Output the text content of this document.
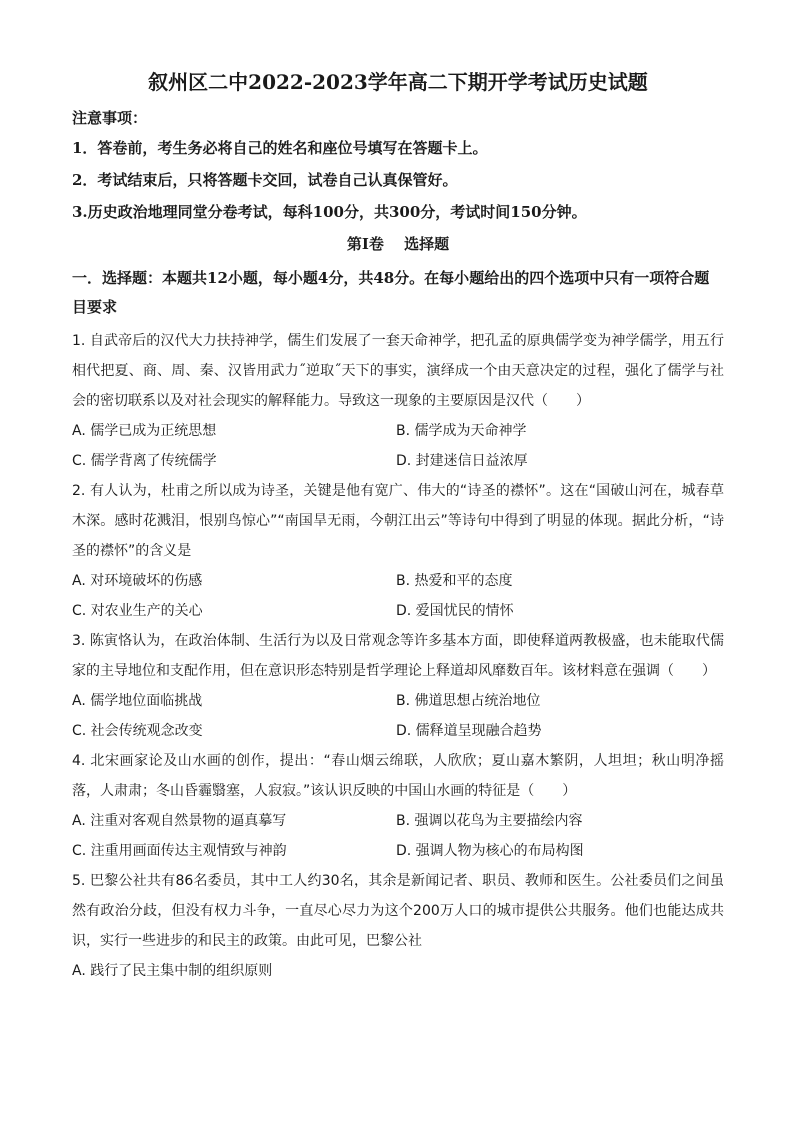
叙州区二中2022-2023学年高二下期开学考试历史试题
注意事项：
1．答卷前，考生务必将自己的姓名和座位号填写在答题卡上。
2．考试结束后，只将答题卡交回，试卷自己认真保管好。
3.历史政治地理同堂分卷考试，每科100分，共300分，考试时间150分钟。
第I卷　 选择题
一．选择题：本题共12小题，每小题4分，共48分。在每小题给出的四个选项中只有一项符合题目要求

1. 自武帝后的汉代大力扶持神学，儒生们发展了一套天命神学，把孔孟的原典儒学变为神学儒学，用五行相代把夏、商、周、秦、汉皆用武力˝逆取˝天下的事实，演绎成一个由天意决定的过程，强化了儒学与社会的密切联系以及对社会现实的解释能力。导致这一现象的主要原因是汉代（　　）

A. 儒学已成为正统思想	B. 儒学成为天命神学
C. 儒学背离了传统儒学	D. 封建迷信日益浓厚

2. 有人认为，杜甫之所以成为诗圣，关键是他有宽广、伟大的“诗圣的襟怀”。这在“国破山河在，城春草木深。感时花溅泪，恨别鸟惊心”“南国旱无雨，今朝江出云”等诗句中得到了明显的体现。据此分析，“诗圣的襟怀”的含义是

A. 对环境破坏的伤感	B. 热爱和平的态度
C. 对农业生产的关心	D. 爱国忧民的情怀

3. 陈寅恪认为，在政治体制、生活行为以及日常观念等许多基本方面，即使释道两教极盛，也未能取代儒家的主导地位和支配作用，但在意识形态特别是哲学理论上释道却风靡数百年。该材料意在强调（　　）

A. 儒学地位面临挑战	B. 佛道思想占统治地位
C. 社会传统观念改变	D. 儒释道呈现融合趋势

4. 北宋画家论及山水画的创作，提出：“春山烟云绵联，人欣欣；夏山嘉木繁阴，人坦坦；秋山明净摇落，人肃肃；冬山昏霾翳塞，人寂寂。”该认识反映的中国山水画的特征是（　　）

A. 注重对客观自然景物的逼真摹写	B. 强调以花鸟为主要描绘内容
C. 注重用画面传达主观情致与神韵	D. 强调人物为核心的布局构图

5. 巴黎公社共有86名委员，其中工人约30名，其余是新闻记者、职员、教师和医生。公社委员们之间虽然有政治分歧，但没有权力斗争，一直尽心尽力为这个200万人口的城市提供公共服务。他们也能达成共识，实行一些进步的和民主的政策。由此可见，巴黎公社

A. 践行了民主集中制的组织原则
